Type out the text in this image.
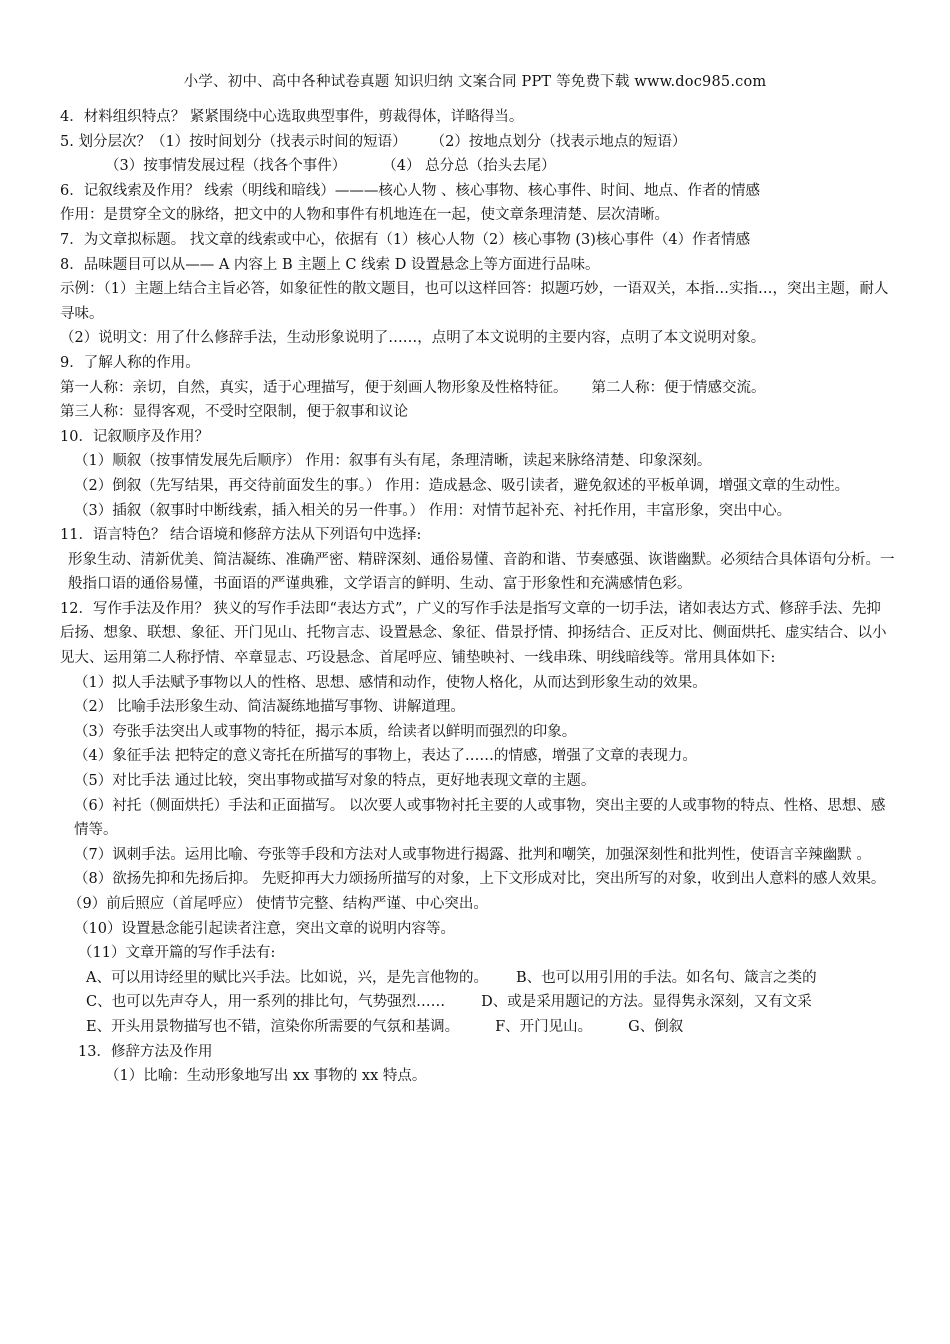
小学、初中、高中各种试卷真题 知识归纳 文案合同 PPT 等免费下载 www.doc985.com

4．材料组织特点？ 紧紧围绕中心选取典型事件，剪裁得体，详略得当。

5. 划分层次？（1）按时间划分（找表示时间的短语） （2）按地点划分（找表示地点的短语）

（3）按事情发展过程（找各个事件） （4） 总分总（抬头去尾）

6．记叙线索及作用？ 线索（明线和暗线）———核心人物 、核心事物、核心事件、时间、地点、作者的情感

作用：是贯穿全文的脉络，把文中的人物和事件有机地连在一起，使文章条理清楚、层次清晰。

7．为文章拟标题。 找文章的线索或中心，依据有（1）核心人物（2）核心事物 (3)核心事件（4）作者情感

8．品味题目可以从—— A 内容上 B 主题上 C 线索 D 设置悬念上等方面进行品味。

示例：（1）主题上结合主旨必答，如象征性的散文题目，也可以这样回答：拟题巧妙，一语双关，本指…实指…，突出主题，耐人寻味。

（2）说明文：用了什么修辞手法，生动形象说明了……，点明了本文说明的主要内容，点明了本文说明对象。

9．了解人称的作用。

第一人称：亲切，自然，真实，适于心理描写，便于刻画人物形象及性格特征。 第二人称：便于情感交流。

第三人称：显得客观，不受时空限制，便于叙事和议论

10．记叙顺序及作用？

（1）顺叙（按事情发展先后顺序） 作用：叙事有头有尾，条理清晰，读起来脉络清楚、印象深刻。

（2）倒叙（先写结果，再交待前面发生的事。） 作用：造成悬念、吸引读者，避免叙述的平板单调，增强文章的生动性。

（3）插叙（叙事时中断线索，插入相关的另一件事。） 作用：对情节起补充、衬托作用，丰富形象，突出中心。

11．语言特色？ 结合语境和修辞方法从下列语句中选择:

形象生动、清新优美、简洁凝练、准确严密、精辟深刻、通俗易懂、音韵和谐、节奏感强、诙谐幽默。必须结合具体语句分析。一般指口语的通俗易懂，书面语的严谨典雅，文学语言的鲜明、生动、富于形象性和充满感情色彩。

12．写作手法及作用？ 狭义的写作手法即“表达方式”，广义的写作手法是指写文章的一切手法，诸如表达方式、修辞手法、先抑后扬、想象、联想、象征、开门见山、托物言志、设置悬念、象征、借景抒情、抑扬结合、正反对比、侧面烘托、虚实结合、以小见大、运用第二人称抒情、卒章显志、巧设悬念、首尾呼应、铺垫映衬、一线串珠、明线暗线等。常用具体如下:

（1）拟人手法赋予事物以人的性格、思想、感情和动作，使物人格化，从而达到形象生动的效果。

（2） 比喻手法形象生动、简洁凝练地描写事物、讲解道理。

（3）夸张手法突出人或事物的特征，揭示本质，给读者以鲜明而强烈的印象。

（4）象征手法 把特定的意义寄托在所描写的事物上，表达了……的情感，增强了文章的表现力。

（5）对比手法 通过比较，突出事物或描写对象的特点，更好地表现文章的主题。

（6）衬托（侧面烘托）手法和正面描写。 以次要人或事物衬托主要的人或事物，突出主要的人或事物的特点、性格、思想、感情等。

（7）讽刺手法。运用比喻、夸张等手段和方法对人或事物进行揭露、批判和嘲笑，加强深刻性和批判性，使语言辛辣幽默 。

（8）欲扬先抑和先扬后抑。 先贬抑再大力颂扬所描写的对象，上下文形成对比，突出所写的对象，收到出人意料的感人效果。

（9）前后照应（首尾呼应） 使情节完整、结构严谨、中心突出。

（10）设置悬念能引起读者注意，突出文章的说明内容等。

（11）文章开篇的写作手法有:

A、可以用诗经里的赋比兴手法。比如说，兴，是先言他物的。 B、也可以用引用的手法。如名句、箴言之类的

C、也可以先声夺人，用一系列的排比句，气势强烈…… D、或是采用题记的方法。显得隽永深刻，又有文采

E、开头用景物描写也不错，渲染你所需要的气氛和基调。 F、开门见山。 G、倒叙

13．修辞方法及作用

（1）比喻：生动形象地写出 xx 事物的 xx 特点。
